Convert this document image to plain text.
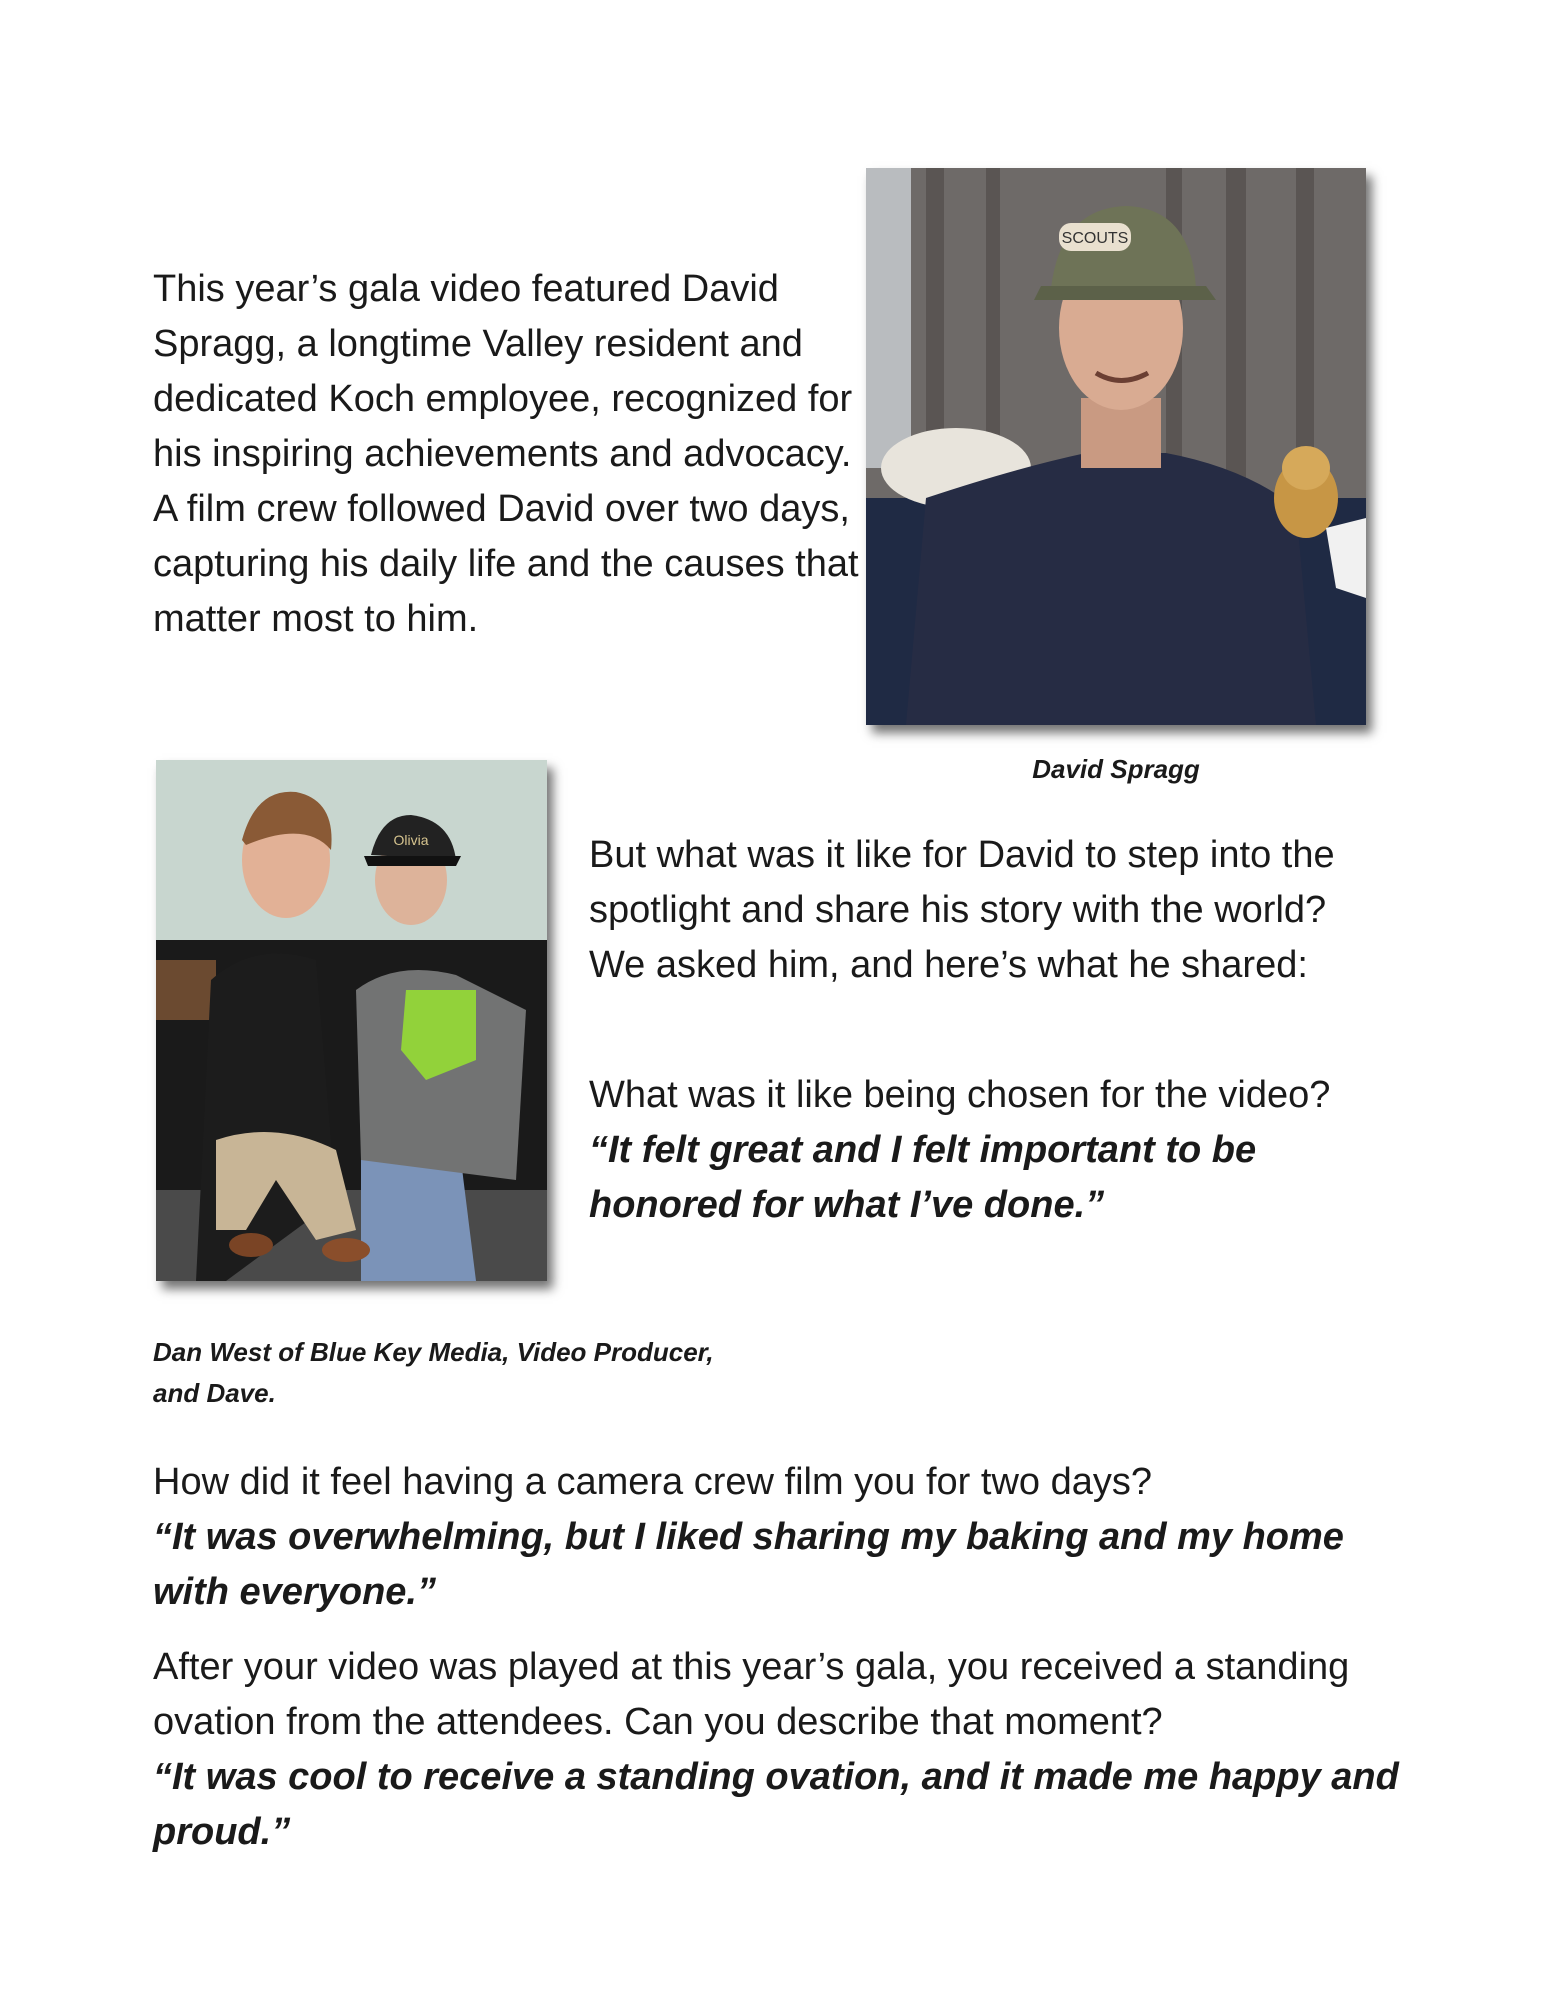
This year’s gala video featured David Spragg, a longtime Valley resident and dedicated Koch employee, recognized for his inspiring achievements and advocacy. A film crew followed David over two days, capturing his daily life and the causes that matter most to him.

SCOUTS

David Spragg

Olivia

Dan West of Blue Key Media, Video Producer,
and Dave.

But what was it like for David to step into the spotlight and share his story with the world? We asked him, and here’s what he shared:

What was it like being chosen for the video?
“It felt great and I felt important to be honored for what I’ve done.”

How did it feel having a camera crew film you for two days?
“It was overwhelming, but I liked sharing my baking and my home with everyone.”

After your video was played at this year’s gala, you received a standing ovation from the attendees. Can you describe that moment?
“It was cool to receive a standing ovation, and it made me happy and proud.”
